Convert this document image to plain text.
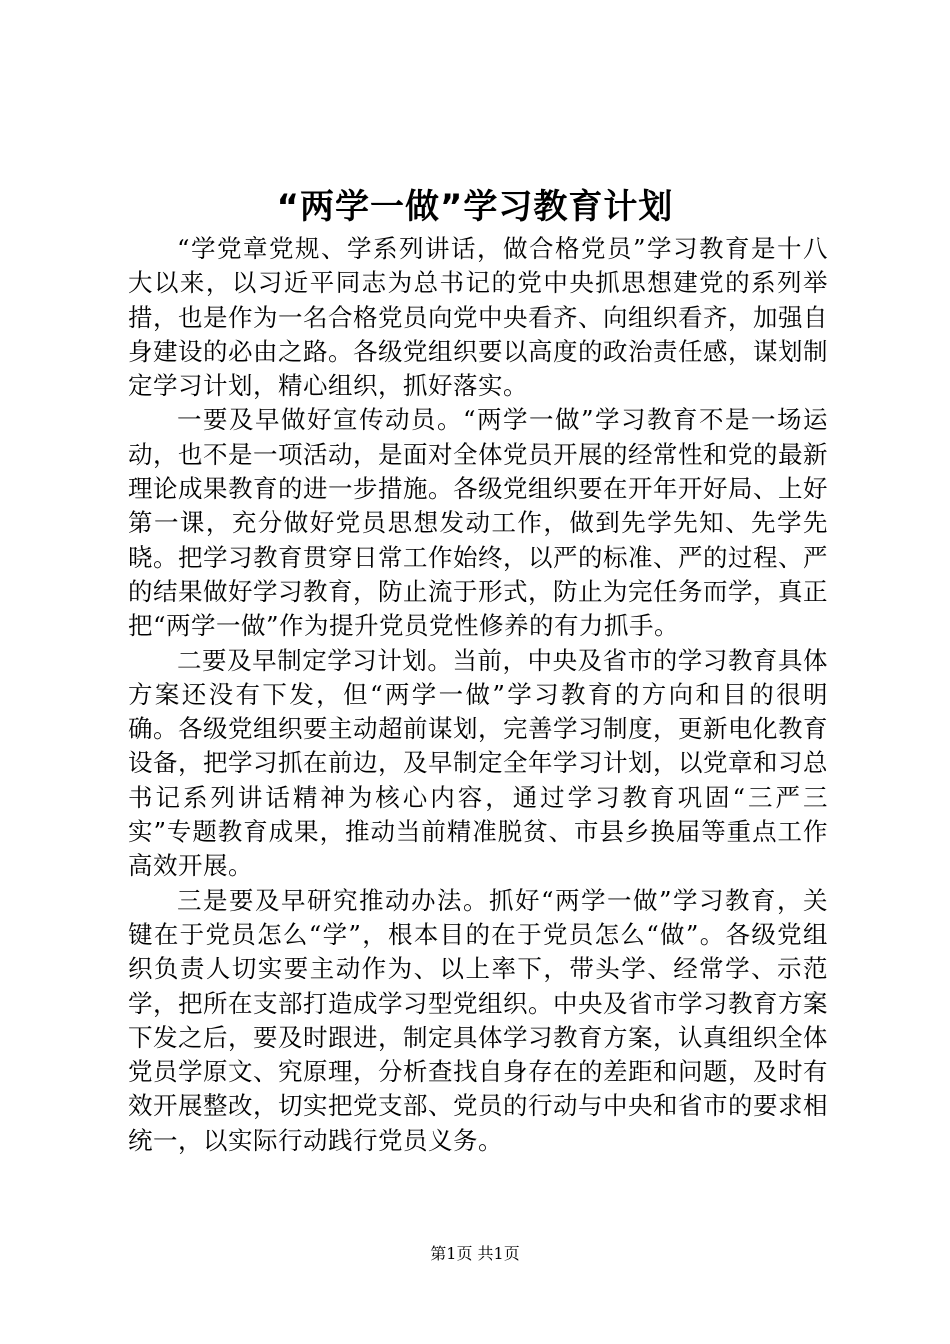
“两学一做”学习教育计划

“学党章党规、学系列讲话，做合格党员”学习教育是十八大以来，以习近平同志为总书记的党中央抓思想建党的系列举措，也是作为一名合格党员向党中央看齐、向组织看齐，加强自身建设的必由之路。各级党组织要以高度的政治责任感，谋划制定学习计划，精心组织，抓好落实。

一要及早做好宣传动员。“两学一做”学习教育不是一场运动，也不是一项活动，是面对全体党员开展的经常性和党的最新理论成果教育的进一步措施。各级党组织要在开年开好局、上好第一课，充分做好党员思想发动工作，做到先学先知、先学先晓。把学习教育贯穿日常工作始终，以严的标准、严的过程、严的结果做好学习教育，防止流于形式，防止为完任务而学，真正把“两学一做”作为提升党员党性修养的有力抓手。

二要及早制定学习计划。当前，中央及省市的学习教育具体方案还没有下发，但“两学一做”学习教育的方向和目的很明确。各级党组织要主动超前谋划，完善学习制度，更新电化教育设备，把学习抓在前边，及早制定全年学习计划，以党章和习总书记系列讲话精神为核心内容，通过学习教育巩固“三严三实”专题教育成果，推动当前精准脱贫、市县乡换届等重点工作高效开展。

三是要及早研究推动办法。抓好“两学一做”学习教育，关键在于党员怎么“学”，根本目的在于党员怎么“做”。各级党组织负责人切实要主动作为、以上率下，带头学、经常学、示范学，把所在支部打造成学习型党组织。中央及省市学习教育方案下发之后，要及时跟进，制定具体学习教育方案，认真组织全体党员学原文、究原理，分析查找自身存在的差距和问题，及时有效开展整改，切实把党支部、党员的行动与中央和省市的要求相统一，以实际行动践行党员义务。

第1页 共1页
